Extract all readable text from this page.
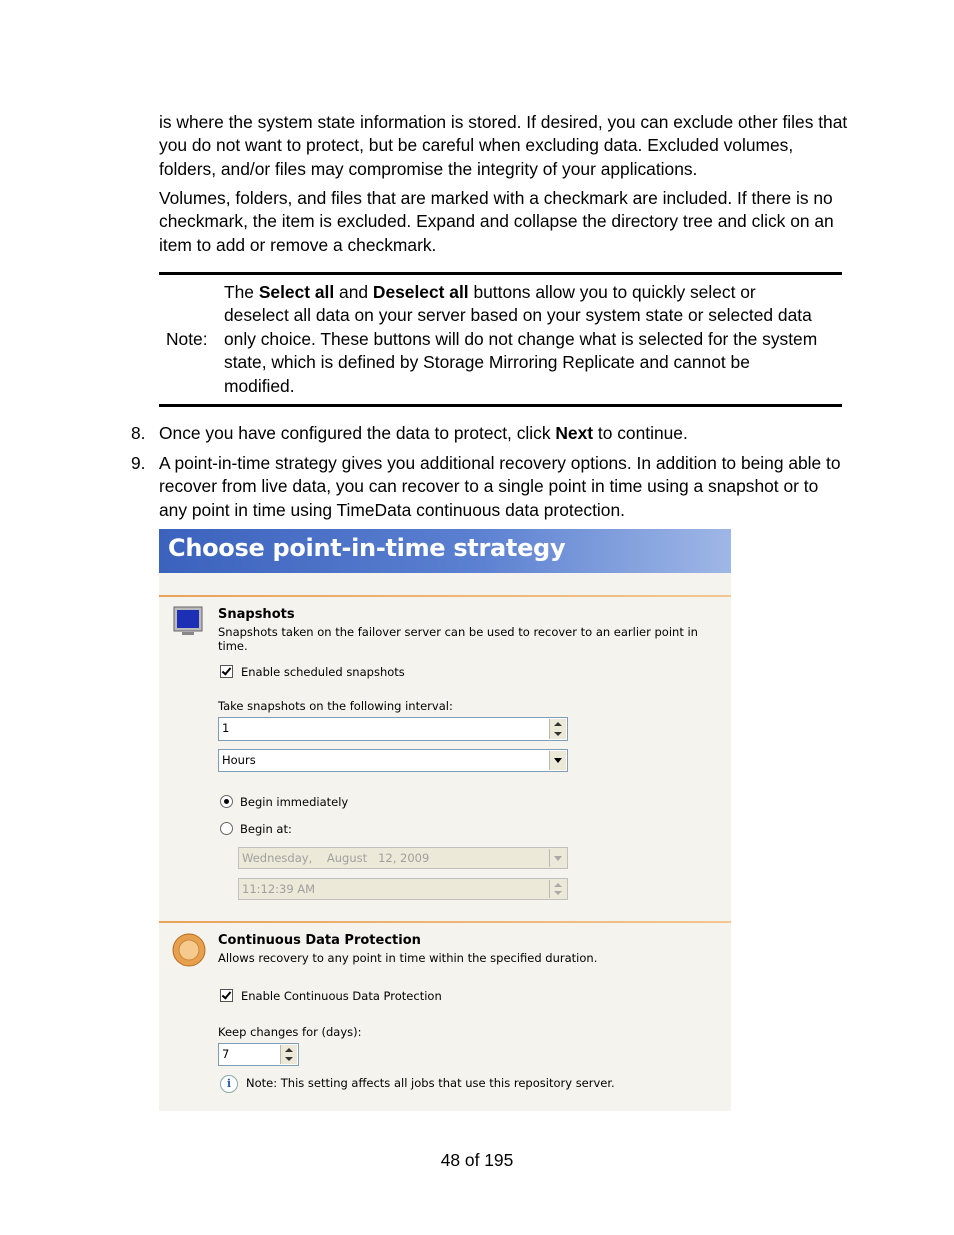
is where the system state information is stored. If desired, you can exclude other files that you do not want to protect, but be careful when excluding data. Excluded volumes, folders, and/or files may compromise the integrity of your applications.
Volumes, folders, and files that are marked with a checkmark are included. If there is no checkmark, the item is excluded. Expand and collapse the directory tree and click on an item to add or remove a checkmark.
Note:
The Select all and Deselect all buttons allow you to quickly select or deselect all data on your server based on your system state or selected data only choice. These buttons will do not change what is selected for the system state, which is defined by Storage Mirroring Replicate and cannot be modified.
8. Once you have configured the data to protect, click Next to continue.
9. A point-in-time strategy gives you additional recovery options. In addition to being able to recover from live data, you can recover to a single point in time using a snapshot or to any point in time using TimeData continuous data protection.
Choose point-in-time strategy
Snapshots
Snapshots taken on the failover server can be used to recover to an earlier point in time.
Enable scheduled snapshots
Take snapshots on the following interval:
1
Hours
Begin immediately
Begin at:
Wednesday,    August   12, 2009
11:12:39 AM
Continuous Data Protection
Allows recovery to any point in time within the specified duration.
Enable Continuous Data Protection
Keep changes for (days):
7
i	Note: This setting affects all jobs that use this repository server.
48 of 195
